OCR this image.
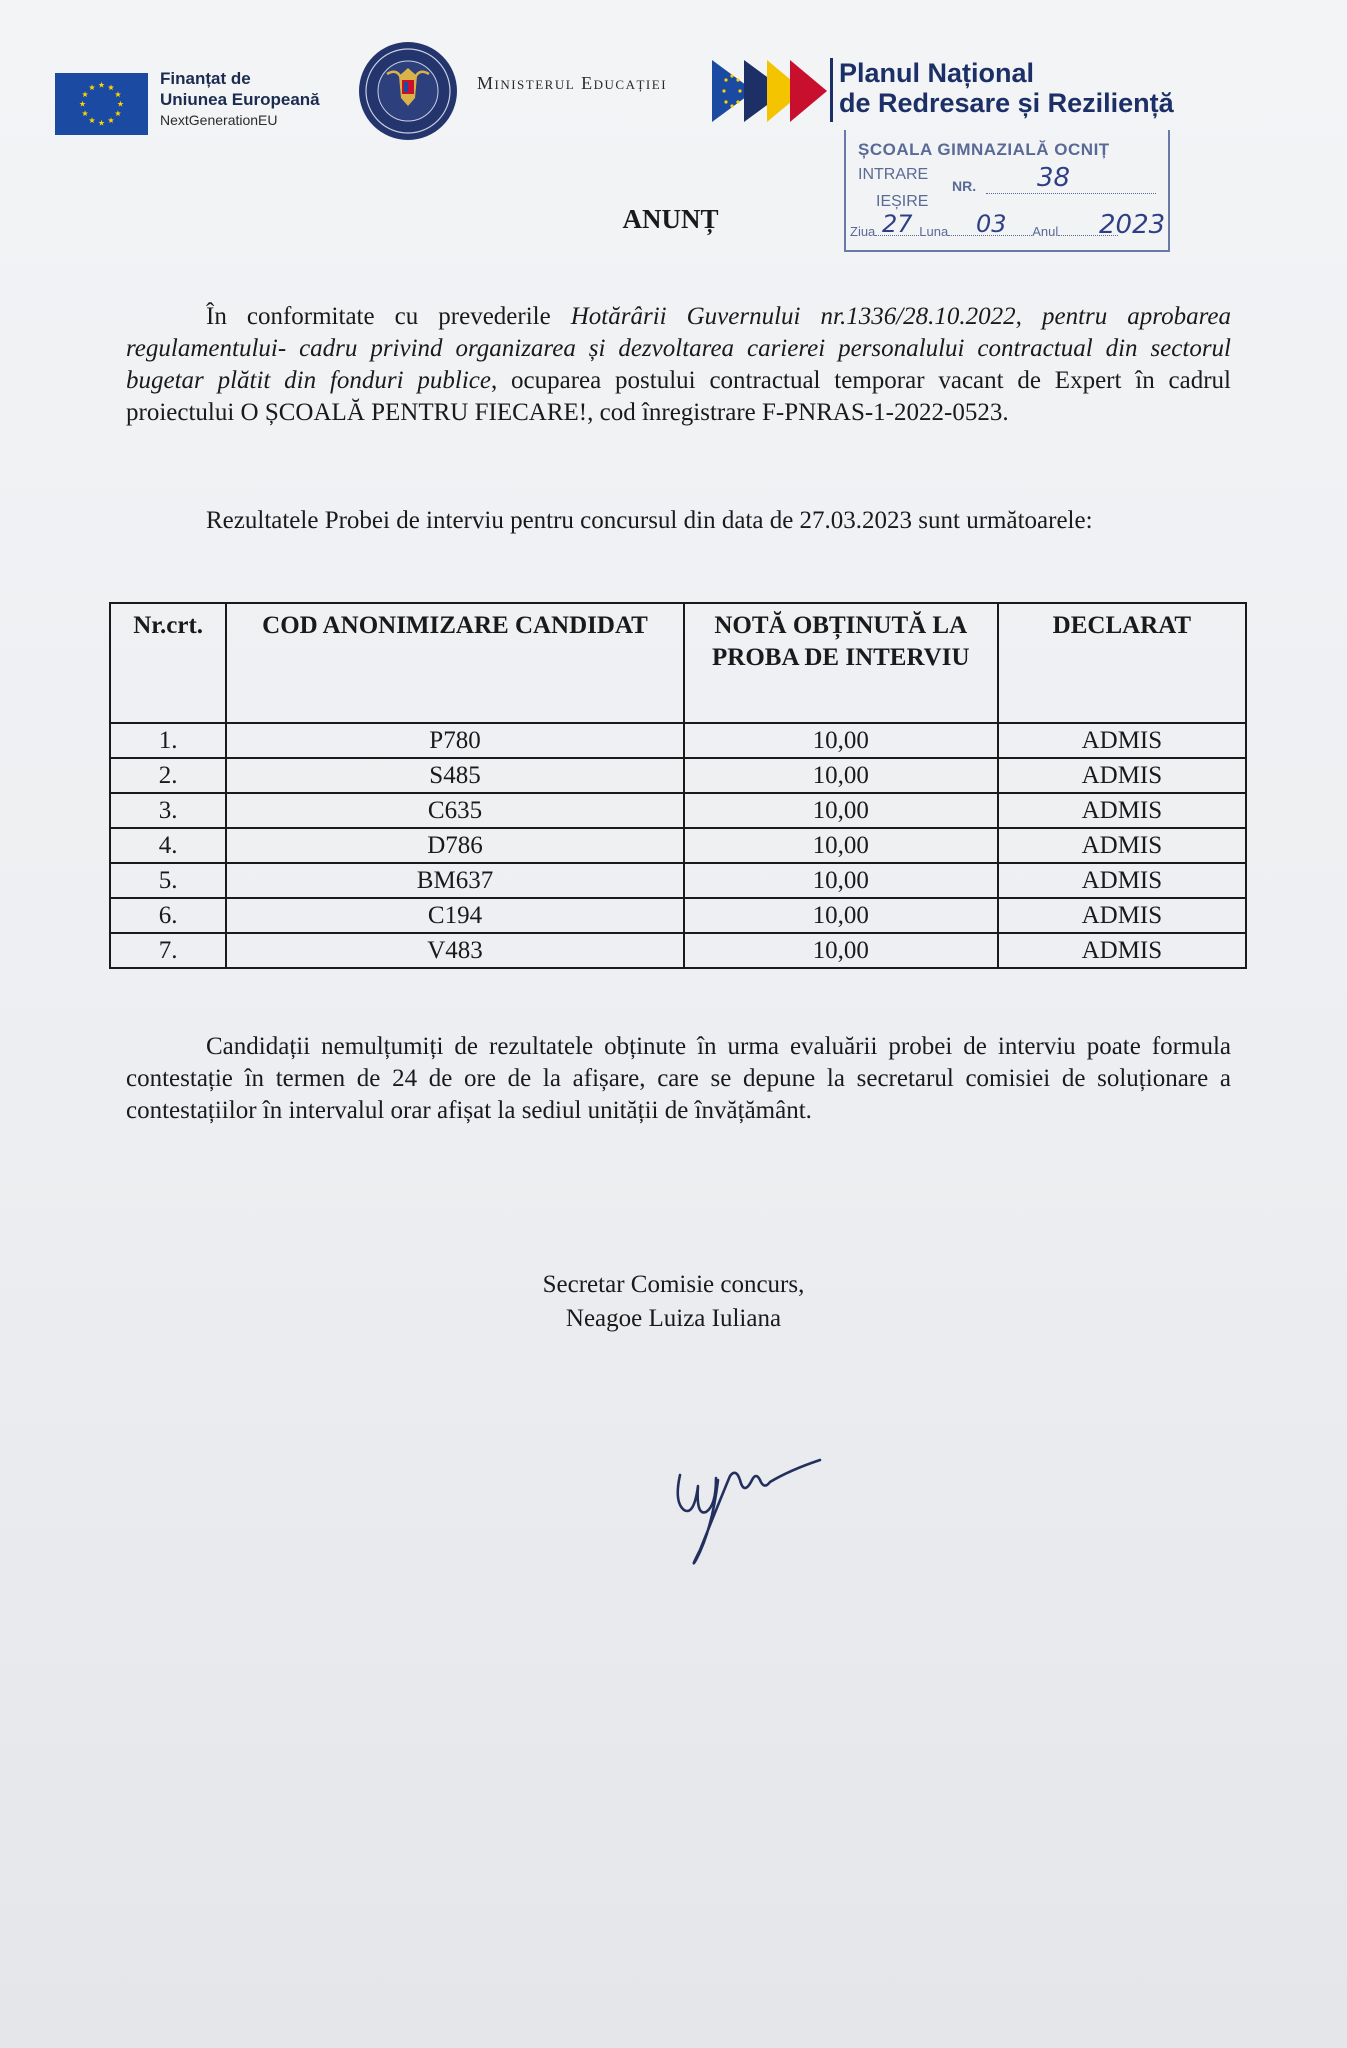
Finanțat de
Uniunea Europeană
NextGenerationEU
Ministerul Educației	Planul Național
de Redresare și Reziliență
ȘCOALA GIMNAZIALĂ OCNIȚ
INTRARE
NR. 38
IEȘIRE
Ziua	Luna	Anul
27	03	2023
ANUNȚ
În conformitate cu prevederile Hotărârii Guvernului nr.1336/28.10.2022, pentru aprobarea regulamentului- cadru privind organizarea și dezvoltarea carierei personalului contractual din sectorul bugetar plătit din fonduri publice, ocuparea postului contractual temporar vacant de Expert în cadrul proiectului O ȘCOALĂ PENTRU FIECARE!, cod înregistrare F-PNRAS-1-2022-0523.
Rezultatele Probei de interviu pentru concursul din data de 27.03.2023 sunt următoarele:
Nr.crt.	COD ANONIMIZARE CANDIDAT	NOTĂ OBȚINUTĂ LA PROBA DE INTERVIU	DECLARAT
1.	P780	10,00	ADMIS
2.	S485	10,00	ADMIS
3.	C635	10,00	ADMIS
4.	D786	10,00	ADMIS
5.	BM637	10,00	ADMIS
6.	C194	10,00	ADMIS
7.	V483	10,00	ADMIS
Candidații nemulțumiți de rezultatele obținute în urma evaluării probei de interviu poate formula contestație în termen de 24 de ore de la afișare, care se depune la secretarul comisiei de soluționare a contestațiilor în intervalul orar afișat la sediul unității de învățământ.
Secretar Comisie concurs,
Neagoe Luiza Iuliana
